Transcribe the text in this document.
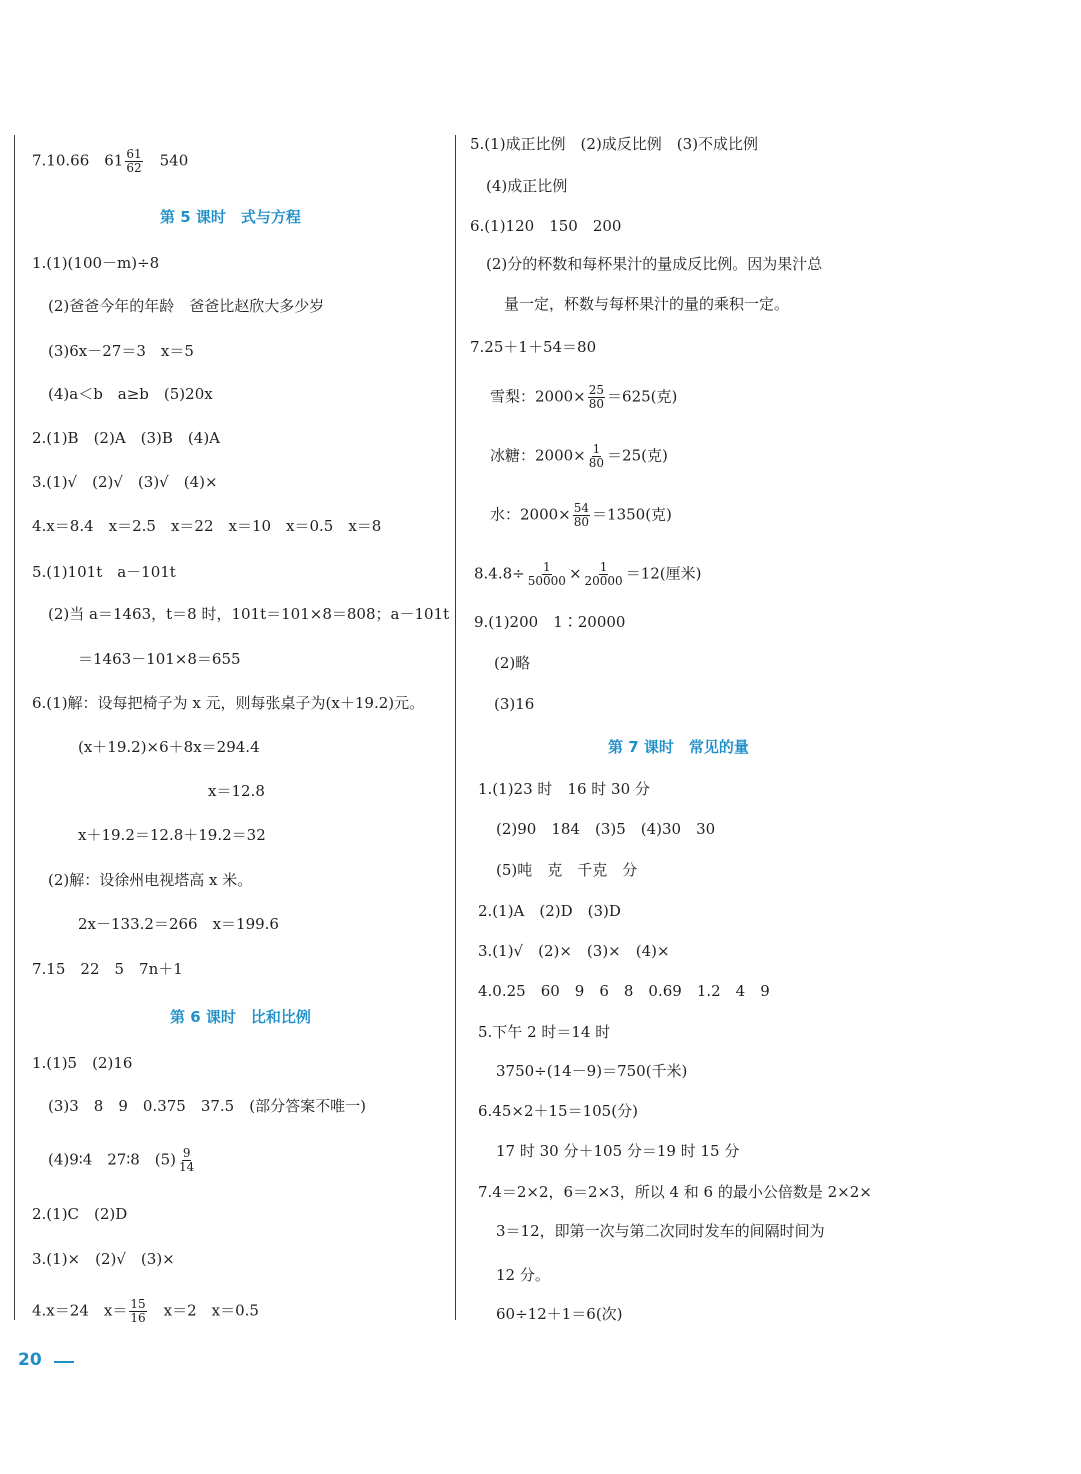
7.10.66　$61 \frac{61}{62}$
　 540
第 5 课时　式与方程
1.(1)(100－m)÷8
(2)爸爸今年的年龄　爸爸比赵欣大多少岁
(3)6x－27＝3　x＝5
(4)a＜b　a≥b　(5)20x
2.(1)B　(2)A　(3)B　(4)A
3.(1)√　(2)√　(3)√　(4)×
4.x＝8.4　x＝2.5　x＝22　x＝10　x＝0.5　x＝8
5.(1)101t　a－101t
(2)当 a＝1463，t＝8 时，101t＝101×8＝808；a－101t
＝1463－101×8＝655
6.(1)解：设每把椅子为 x 元，则每张桌子为(x＋19.2)元。
(x＋19.2)×6＋8x＝294.4
x＝12.8
x＋19.2＝12.8＋19.2＝32
(2)解：设徐州电视塔高 x 米。
2x－133.2＝266　x＝199.6
7.15　22　5　7n＋1
第 6 课时　比和比例
1.(1)5　(2)16
(3)3　8　9　0.375　37.5　(部分答案不唯一)
(4)9∶4　27∶8　$(5) \frac{9}{14}$
2.(1)C　(2)D
3.(1)×　(2)√　(3)×
4.x＝24　$x= \frac{15}{16}$
　 x＝2　x＝0.5
5.(1)成正比例　(2)成反比例　(3)不成比例
(4)成正比例
6.(1)120　150　200
(2)分的杯数和每杯果汁的量成反比例。因为果汁总
量一定，杯数与每杯果汁的量的乘积一定。
7.25＋1＋54＝80
雪梨：$2000\times \frac{25}{80} =625$(克)
冰糖：$2000\times \frac{1}{80} =25$(克)
水：$2000\times \frac{54}{80} =1350$(克)
$8.4.8\div \frac{1}{50000} \times \frac{1}{20000} =12$(厘米)
9.(1)200　1∶20000
(2)略
(3)16
第 7 课时　常见的量
1.(1)23 时　16 时 30 分
(2)90　184　(3)5　(4)30　30
(5)吨　克　千克　分
2.(1)A　(2)D　(3)D
3.(1)√　(2)×　(3)×　(4)×
4.0.25　60　9　6　8　0.69　1.2　4　9
5.下午 2 时＝14 时
3750÷(14－9)＝750(千米)
6.45×2＋15＝105(分)
17 时 30 分＋105 分＝19 时 15 分
7.4＝2×2，6＝2×3，所以 4 和 6 的最小公倍数是 2×2×
3＝12，即第一次与第二次同时发车的间隔时间为
12 分。
60÷12＋1＝6(次)
20
